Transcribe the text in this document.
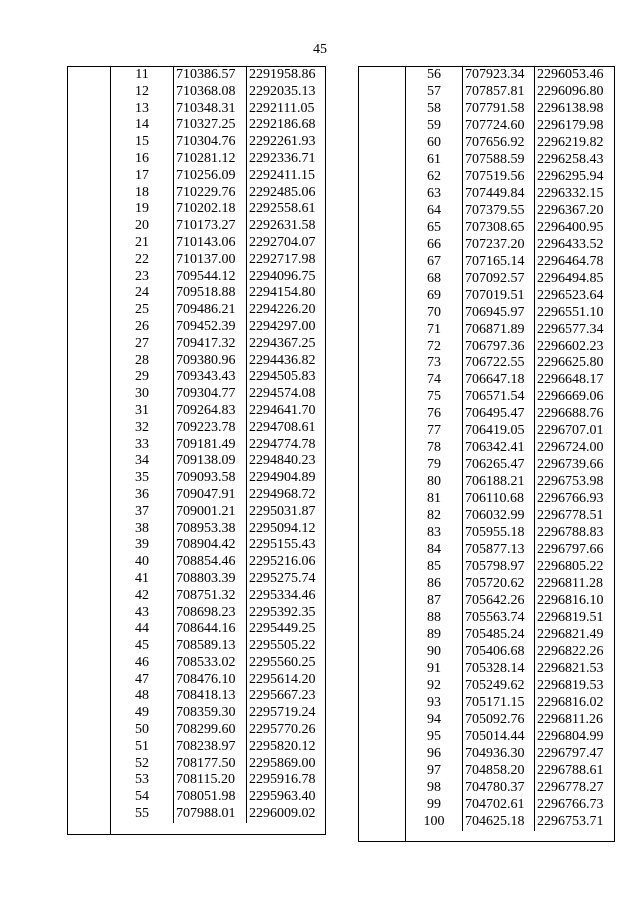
45
11	710386.57 2291958.86
12	710368.08 2292035.13
13	710348.31 2292111.05
14	710327.25 2292186.68
15	710304.76 2292261.93
16	710281.12 2292336.71
17	710256.09 2292411.15
18	710229.76 2292485.06
19	710202.18 2292558.61
20	710173.27 2292631.58
21	710143.06 2292704.07
22	710137.00 2292717.98
23	709544.12 2294096.75
24	709518.88 2294154.80
25	709486.21 2294226.20
26	709452.39 2294297.00
27	709417.32 2294367.25
28	709380.96 2294436.82
29	709343.43 2294505.83
30	709304.77 2294574.08
31	709264.83 2294641.70
32	709223.78 2294708.61
33	709181.49 2294774.78
34	709138.09 2294840.23
35	709093.58 2294904.89
36	709047.91 2294968.72
37	709001.21 2295031.87
38	708953.38 2295094.12
39	708904.42 2295155.43
40	708854.46 2295216.06
41	708803.39 2295275.74
42	708751.32 2295334.46
43	708698.23 2295392.35
44	708644.16 2295449.25
45	708589.13 2295505.22
46	708533.02 2295560.25
47	708476.10 2295614.20
48	708418.13 2295667.23
49	708359.30 2295719.24
50	708299.60 2295770.26
51	708238.97 2295820.12
52	708177.50 2295869.00
53	708115.20	2295916.78
54	708051.98 2295963.40
55	707988.01 2296009.02
56	707923.34 2296053.46
57	707857.81 2296096.80
58	707791.58 2296138.98
59	707724.60 2296179.98
60	707656.92 2296219.82
61	707588.59 2296258.43
62	707519.56 2296295.94
63	707449.84 2296332.15
64	707379.55 2296367.20
65	707308.65 2296400.95
66	707237.20 2296433.52
67	707165.14 2296464.78
68	707092.57 2296494.85
69	707019.51 2296523.64
70	706945.97 2296551.10
71	706871.89 2296577.34
72	706797.36 2296602.23
73	706722.55 2296625.80
74	706647.18 2296648.17
75	706571.54 2296669.06
76	706495.47 2296688.76
77	706419.05 2296707.01
78	706342.41 2296724.00
79	706265.47 2296739.66
80	706188.21 2296753.98
81	706110.68 2296766.93
82	706032.99 2296778.51
83	705955.18 2296788.83
84	705877.13 2296797.66
85	705798.97 2296805.22
86	705720.62 2296811.28
87	705642.26 2296816.10
88	705563.74 2296819.51
89	705485.24 2296821.49
90	705406.68 2296822.26
91	705328.14 2296821.53
92	705249.62 2296819.53
93	705171.15 2296816.02
94	705092.76 2296811.26
95	705014.44 2296804.99
96	704936.30 2296797.47
97	704858.20 2296788.61
98	704780.37 2296778.27
99	704702.61 2296766.73
100	704625.18 2296753.71
